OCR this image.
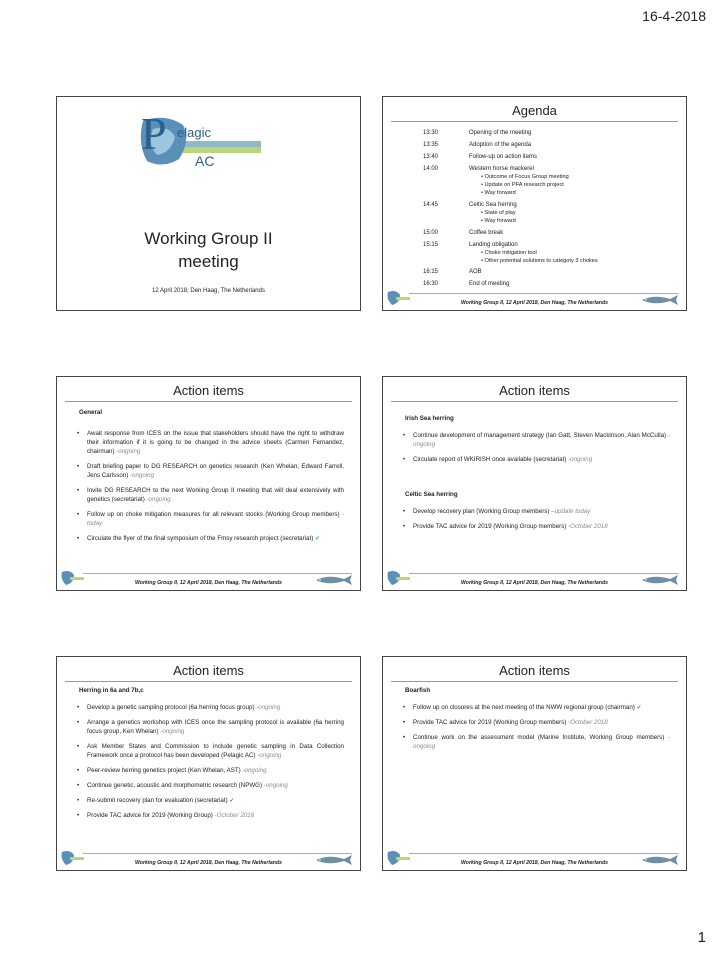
16-4-2018
P elagic
AC
Working Group II
meeting
12 April 2018, Den Haag, The Netherlands
Agenda
13:30	Opening of the meeting
13:35	Adoption of the agenda
13:40	Follow-up on action items
14:00	Western horse mackerel
• Outcome of Focus Group meeting
• Update on PFA research project
• Way forward
14:45	Celtic Sea herring
• State of play
• Way forward
15:00	Coffee break
15:15	Landing obligation
• Choke mitigation tool
• Other potential solutions to categoty 3 chokes
16:15	AOB
16:30	End of meeting
Working Group II, 12 April 2018, Den Haag, The Netherlands
Action items
General
• Await response from ICES on the issue that stakeholders should have the right to withdraw their information if it is going to be changed in the advice sheets (Carmen Fernandez, chairman) -ongoing
• Draft briefing paper to DG RESEARCH on genetics research (Ken Whelan, Edward Farrell, Jens Carlsson) -ongoing
• Invite DG RESEARCH to the next Working Group II meeting that will deal extensively with genetics (secretariat) -ongoing
• Follow up on choke mitigation measures for all relevant stocks (Working Group members) -today
• Circulate the flyer of the final symposium of the Fmsy research project (secretariat) ✓
Working Group II, 12 April 2018, Den Haag, The Netherlands
Action items
Irish Sea herring
• Continue development of management strategy (Ian Gatt, Steven Mackinson, Alan McCulla) -ongoing
• Circulate report of WKIRISH once available (secretariat) -ongoing
Celtic Sea herring
• Develop recovery plan (Working Group members) –update today
• Provide TAC advice for 2019 (Working Group members) -October 2018
Working Group II, 12 April 2018, Den Haag, The Netherlands
Action items
Herring in 6a and 7b,c
• Develop a genetic sampling protocol (6a herring focus group) -ongoing
• Arrange a genetics workshop with ICES once the sampling protocol is available (6a herring focus group, Ken Whelan) -ongoing
• Ask Member States and Commission to include genetic sampling in Data Collection Framework once a protocol has been developed (Pelagic AC) -ongoing
• Peer-review herring genetics project (Ken Whelan, AST) -ongoing
• Continue genetic, acoustic and morphometric research (NPWG) -ongoing
• Re-submit recovery plan for evaluation (secretariat) ✓
• Provide TAC advice for 2019 (Working Group) -October 2018
Working Group II, 12 April 2018, Den Haag, The Netherlands
Action items
Boarfish
• Follow up on closures at the next meeting of the NWW regional group (chairman) ✓
• Provide TAC advice for 2019 (Working Group members) -October 2018
• Continue work on the assessment model (Marine Institute, Working Group members) -ongoing
Working Group II, 12 April 2018, Den Haag, The Netherlands
1
